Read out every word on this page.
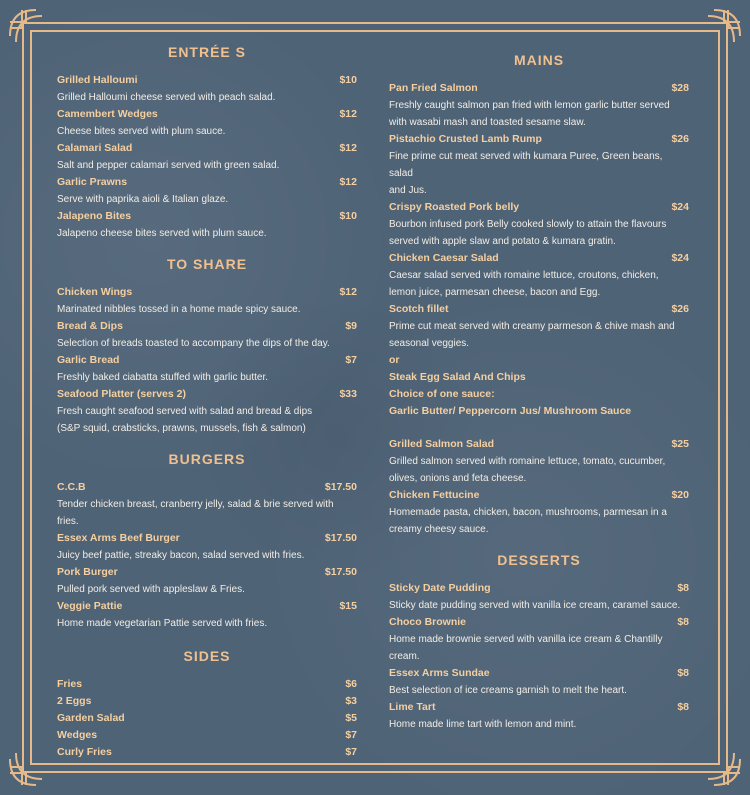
ENTRÉE S
Grilled Halloumi	$10
Grilled Halloumi cheese served with peach salad.
Camembert Wedges	$12
Cheese bites served with plum sauce.
Calamari Salad	$12
Salt and pepper calamari served with green salad.
Garlic Prawns	$12
Serve with paprika aioli & Italian glaze.
Jalapeno Bites	$10
Jalapeno cheese bites served with plum sauce.
TO SHARE
Chicken Wings	$12
Marinated nibbles tossed in a home made spicy sauce.
Bread & Dips	$9
Selection of breads toasted to accompany the dips of the day.
Garlic Bread	$7
Freshly baked ciabatta stuffed with garlic butter.
Seafood Platter (serves 2)	$33
Fresh caught seafood served with salad and bread & dips
(S&P squid, crabsticks, prawns, mussels, fish & salmon)
BURGERS
C.C.B	$17.50
Tender chicken breast, cranberry jelly, salad & brie served with fries.
Essex Arms Beef Burger	$17.50
Juicy beef pattie, streaky bacon, salad served with fries.
Pork Burger	$17.50
Pulled pork served with appleslaw & Fries.
Veggie Pattie	$15
Home made vegetarian Pattie served with fries.
SIDES
Fries	$6
2 Eggs	$3
Garden Salad	$5
Wedges	$7
Curly Fries	$7
MAINS
Pan Fried Salmon	$28
Freshly caught salmon pan fried with lemon garlic butter served
with wasabi mash and toasted sesame slaw.
Pistachio Crusted Lamb Rump	$26
Fine prime cut meat served with kumara Puree, Green beans, salad
and Jus.
Crispy Roasted Pork belly	$24
Bourbon infused pork Belly cooked slowly to attain the flavours
served with apple slaw and potato & kumara gratin.
Chicken Caesar Salad	$24
Caesar salad served with romaine lettuce, croutons, chicken,
lemon juice, parmesan cheese, bacon and Egg.
Scotch fillet	$26
Prime cut meat served with creamy parmeson & chive mash and
seasonal veggies.
or
Steak Egg Salad And Chips
Choice of one sauce:
Garlic Butter/ Peppercorn Jus/ Mushroom Sauce
Grilled Salmon Salad	$25
Grilled salmon served with romaine lettuce, tomato, cucumber,
olives, onions and feta cheese.
Chicken Fettucine	$20
Homemade pasta, chicken, bacon, mushrooms, parmesan in a
creamy cheesy sauce.
DESSERTS
Sticky Date Pudding	$8
Sticky date pudding served with vanilla ice cream, caramel sauce.
Choco Brownie	$8
Home made brownie served with vanilla ice cream & Chantilly
cream.
Essex Arms Sundae	$8
Best selection of ice creams garnish to melt the heart.
Lime Tart	$8
Home made lime tart with lemon and mint.
